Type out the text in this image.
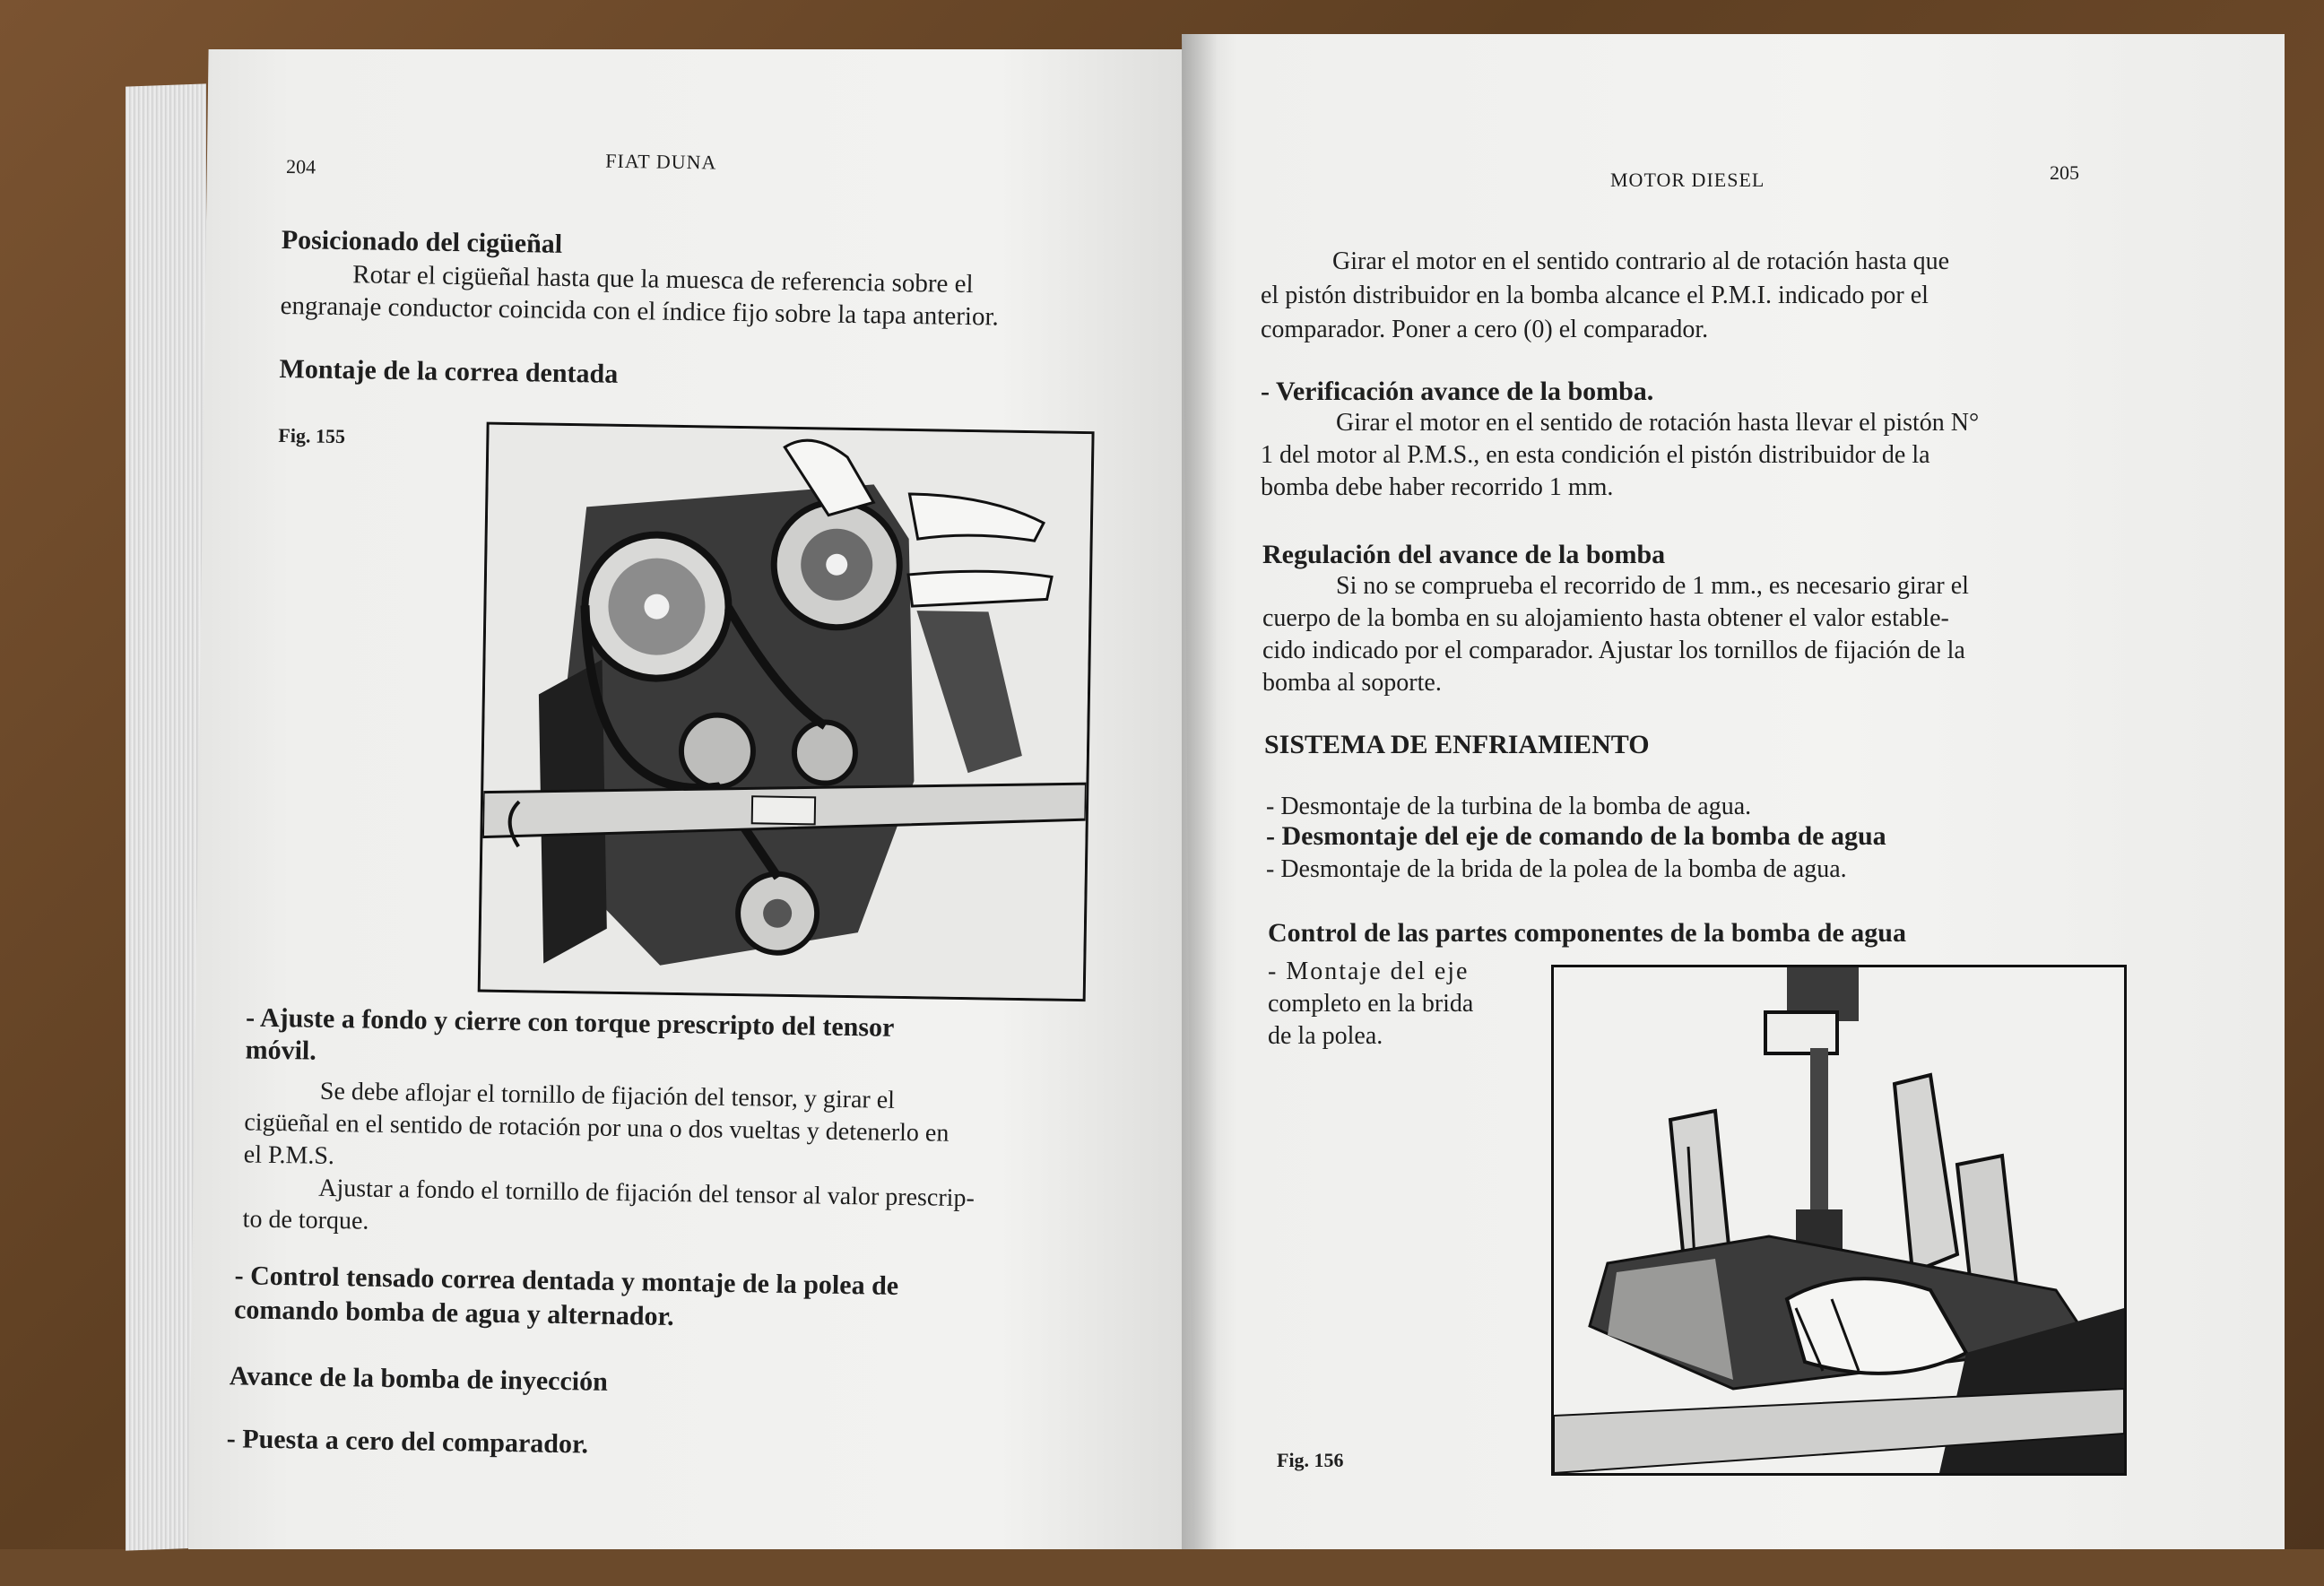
204	FIAT DUNA
Posicionado del cigüeñal
Rotar el cigüeñal hasta que la muesca de referencia sobre el
engranaje conductor coincida con el índice fijo sobre la tapa anterior.
Montaje de la correa dentada
Fig. 155
- Ajuste a fondo y cierre con torque prescripto del tensor
móvil.
Se debe aflojar el tornillo de fijación del tensor, y girar el
cigüeñal en el sentido de rotación por una o dos vueltas y detenerlo en
el P.M.S.
Ajustar a fondo el tornillo de fijación del tensor al valor prescrip-
to de torque.
- Control tensado correa dentada y montaje de la polea de
comando bomba de agua y alternador.
Avance de la bomba de inyección
- Puesta a cero del comparador.
MOTOR DIESEL	205
Girar el motor en el sentido contrario al de rotación hasta que
el pistón distribuidor en la bomba alcance el P.M.I. indicado por el
comparador. Poner a cero (0) el comparador.
- Verificación avance de la bomba.
Girar el motor en el sentido de rotación hasta llevar el pistón N°
1 del motor al P.M.S., en esta condición el pistón distribuidor de la
bomba debe haber recorrido 1 mm.
Regulación del avance de la bomba
Si no se comprueba el recorrido de 1 mm., es necesario girar el
cuerpo de la bomba en su alojamiento hasta obtener el valor estable-
cido indicado por el comparador. Ajustar los tornillos de fijación de la
bomba al soporte.
SISTEMA DE ENFRIAMIENTO
- Desmontaje de la turbina de la bomba de agua.
- Desmontaje del eje de comando de la bomba de agua
- Desmontaje de la brida de la polea de la bomba de agua.
Control de las partes componentes de la bomba de agua
- Montaje del eje
completo en la brida
de la polea.
Fig. 156
